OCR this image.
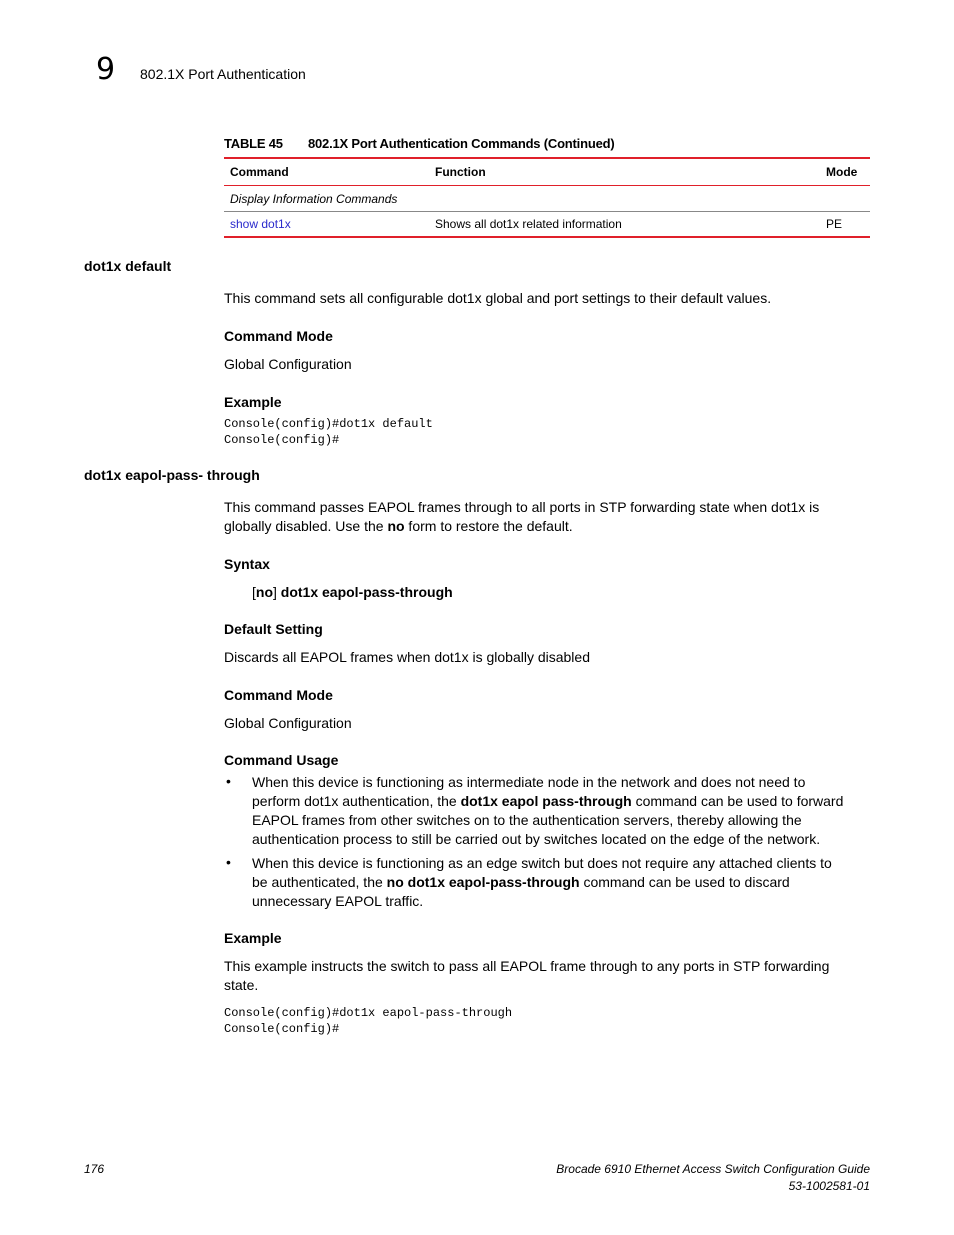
9 802.1X Port Authentication
TABLE 45 802.1X Port Authentication Commands (Continued)
Command	Function	Mode
Display Information Commands		
show dot1x	Shows all dot1x related information	PE
dot1x default
This command sets all configurable dot1x global and port settings to their default values.
Command Mode
Global Configuration
Example
Console(config)#dot1x default
Console(config)#
dot1x eapol-pass- through
This command passes EAPOL frames through to all ports in STP forwarding state when dot1x is
globally disabled. Use the no form to restore the default.
Syntax
[no] dot1x eapol-pass-through
Default Setting
Discards all EAPOL frames when dot1x is globally disabled
Command Mode
Global Configuration
Command Usage
• When this device is functioning as intermediate node in the network and does not need to
perform dot1x authentication, the dot1x eapol pass-through command can be used to forward
EAPOL frames from other switches on to the authentication servers, thereby allowing the
authentication process to still be carried out by switches located on the edge of the network.
• When this device is functioning as an edge switch but does not require any attached clients to
be authenticated, the no dot1x eapol-pass-through command can be used to discard
unnecessary EAPOL traffic.
Example
This example instructs the switch to pass all EAPOL frame through to any ports in STP forwarding
state.
Console(config)#dot1x eapol-pass-through
Console(config)#
176	Brocade 6910 Ethernet Access Switch Configuration Guide
53-1002581-01
